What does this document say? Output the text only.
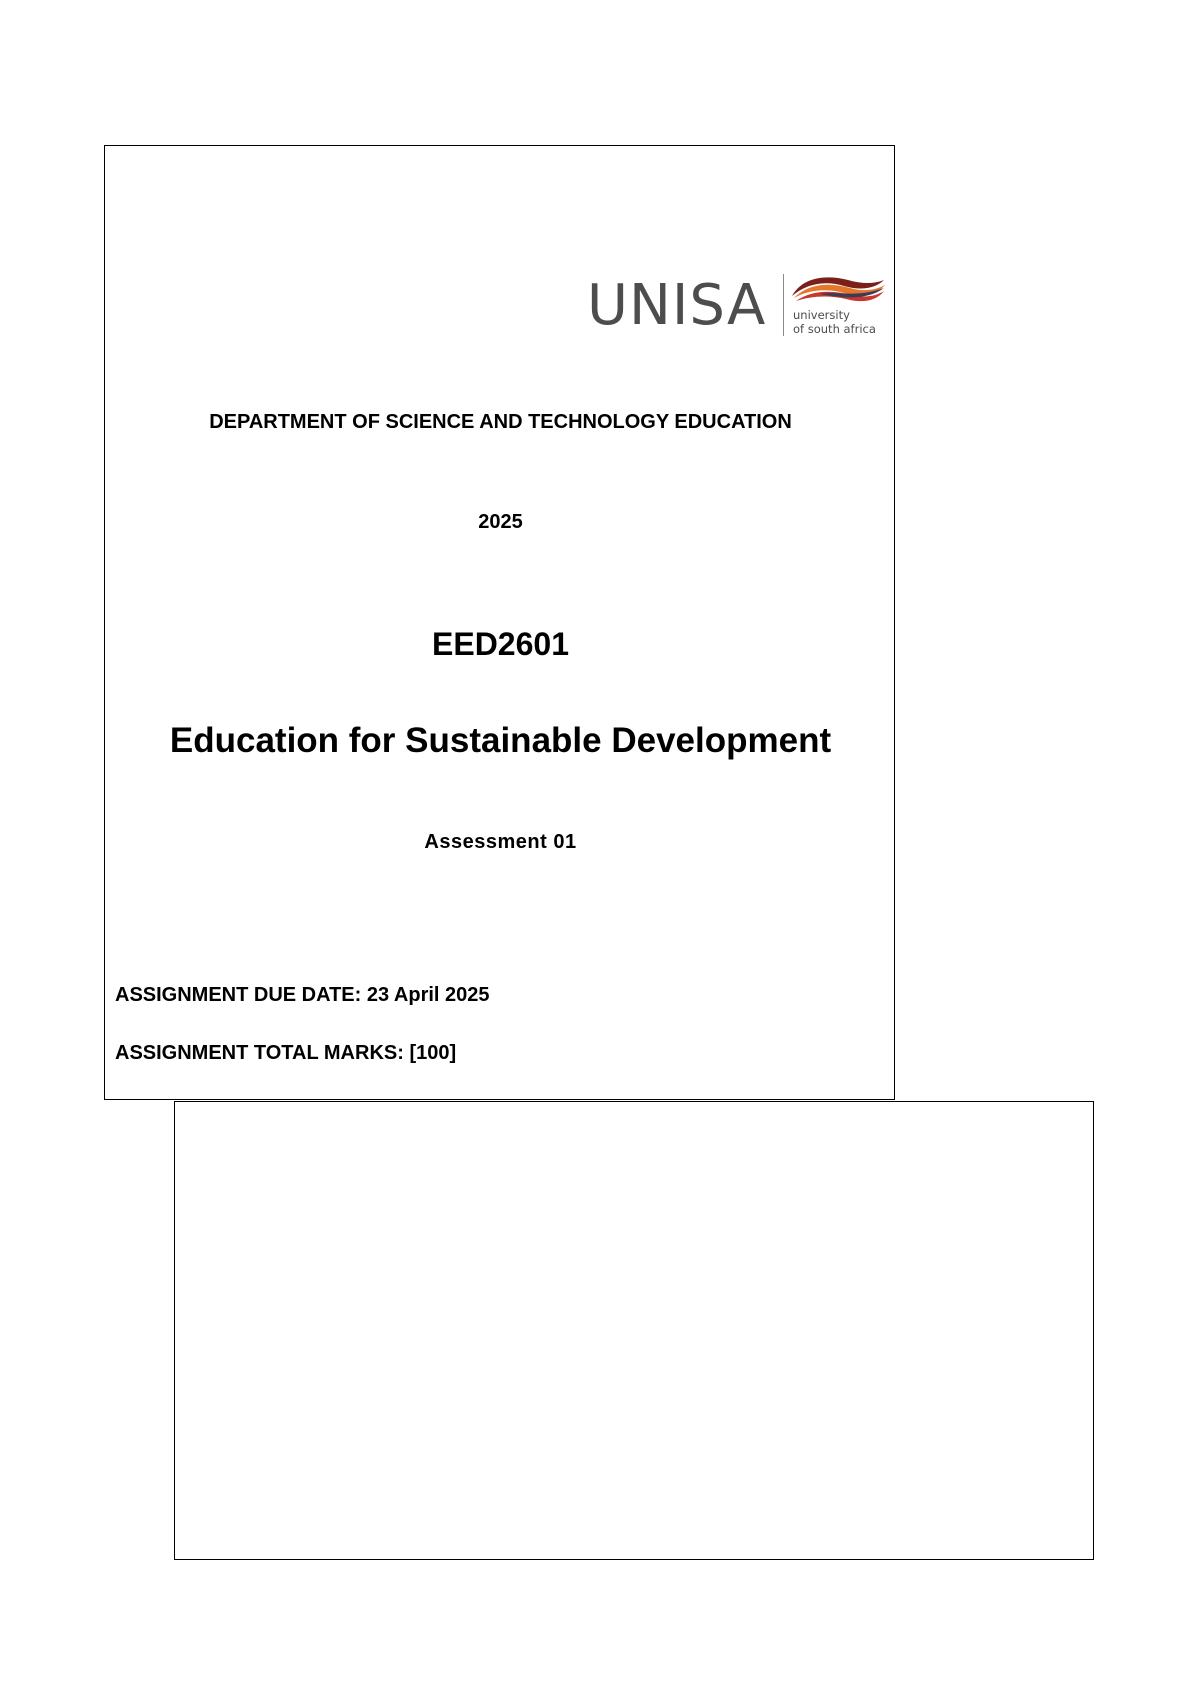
UNISA university
of south africa
DEPARTMENT OF SCIENCE AND TECHNOLOGY EDUCATION
2025
EED2601
Education for Sustainable Development
Assessment 01
ASSIGNMENT DUE DATE: 23 April 2025
ASSIGNMENT TOTAL MARKS: [100]
